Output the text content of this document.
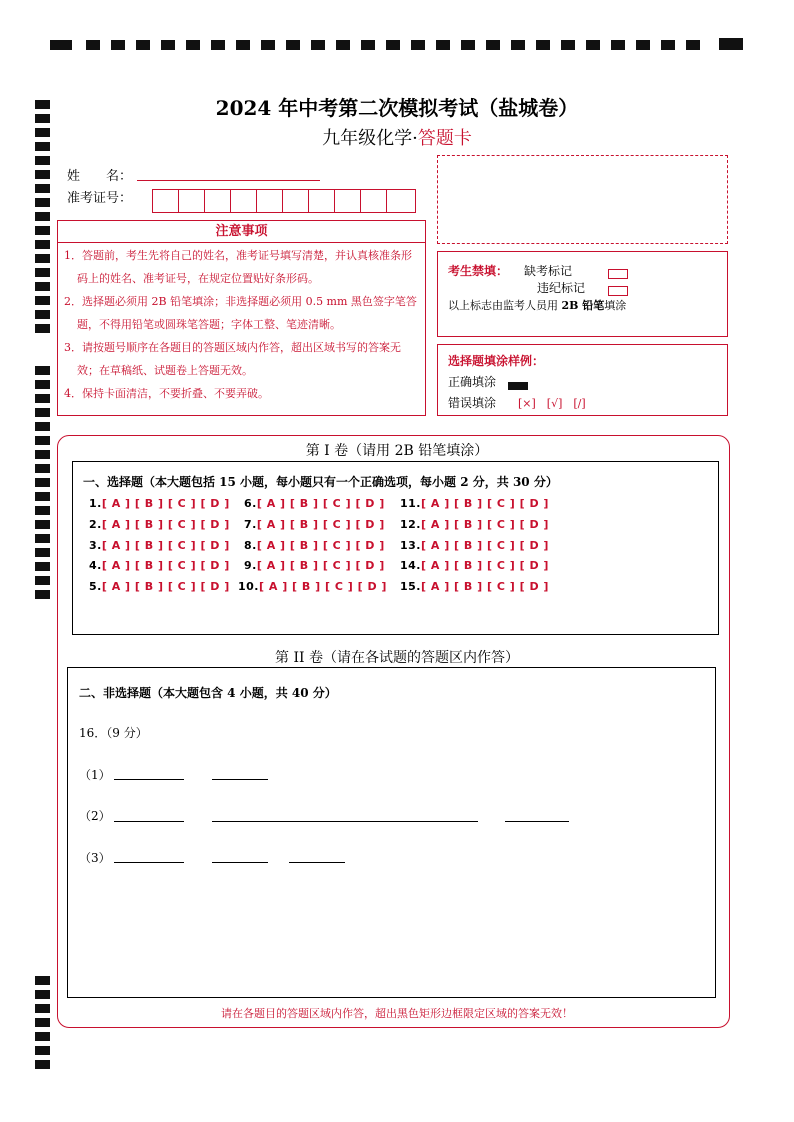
2024 年中考第二次模拟考试（盐城卷）
九年级化学·答题卡
姓　　名：
准考证号：
注意事项
1．答题前，考生先将自己的姓名，准考证号填写清楚，并认真核准条形码上的姓名、准考证号，在规定位置贴好条形码。
2．选择题必须用 2B 铅笔填涂；非选择题必须用 0.5 mm 黑色签字笔答题，不得用铅笔或圆珠笔答题；字体工整、笔迹清晰。
3．请按题号顺序在各题目的答题区域内作答，超出区域书写的答案无效；在草稿纸、试题卷上答题无效。
4．保持卡面清洁，不要折叠、不要弄破。
考生禁填： 缺考标记
违纪标记
以上标志由监考人员用 2B 铅笔填涂
选择题填涂样例：
正确填涂
错误填涂 [×]　[√]　[/]
第 I 卷（请用 2B 铅笔填涂）
一、选择题（本大题包括 15 小题，每小题只有一个正确选项，每小题 2 分，共 30 分）
1.[ A ] [ B ] [ C ] [ D ]
2.[ A ] [ B ] [ C ] [ D ]
3.[ A ] [ B ] [ C ] [ D ]
4.[ A ] [ B ] [ C ] [ D ]
5.[ A ] [ B ] [ C ] [ D ]
6.[ A ] [ B ] [ C ] [ D ]
7.[ A ] [ B ] [ C ] [ D ]
8.[ A ] [ B ] [ C ] [ D ]
9.[ A ] [ B ] [ C ] [ D ]
10.[ A ] [ B ] [ C ] [ D ]
11.[ A ] [ B ] [ C ] [ D ]
12.[ A ] [ B ] [ C ] [ D ]
13.[ A ] [ B ] [ C ] [ D ]
14.[ A ] [ B ] [ C ] [ D ]
15.[ A ] [ B ] [ C ] [ D ]
第 II 卷（请在各试题的答题区内作答）
二、非选择题（本大题包含 4 小题，共 40 分）
16．（9 分）
（1）
（2）
（3）
请在各题目的答题区域内作答，超出黑色矩形边框限定区域的答案无效！
